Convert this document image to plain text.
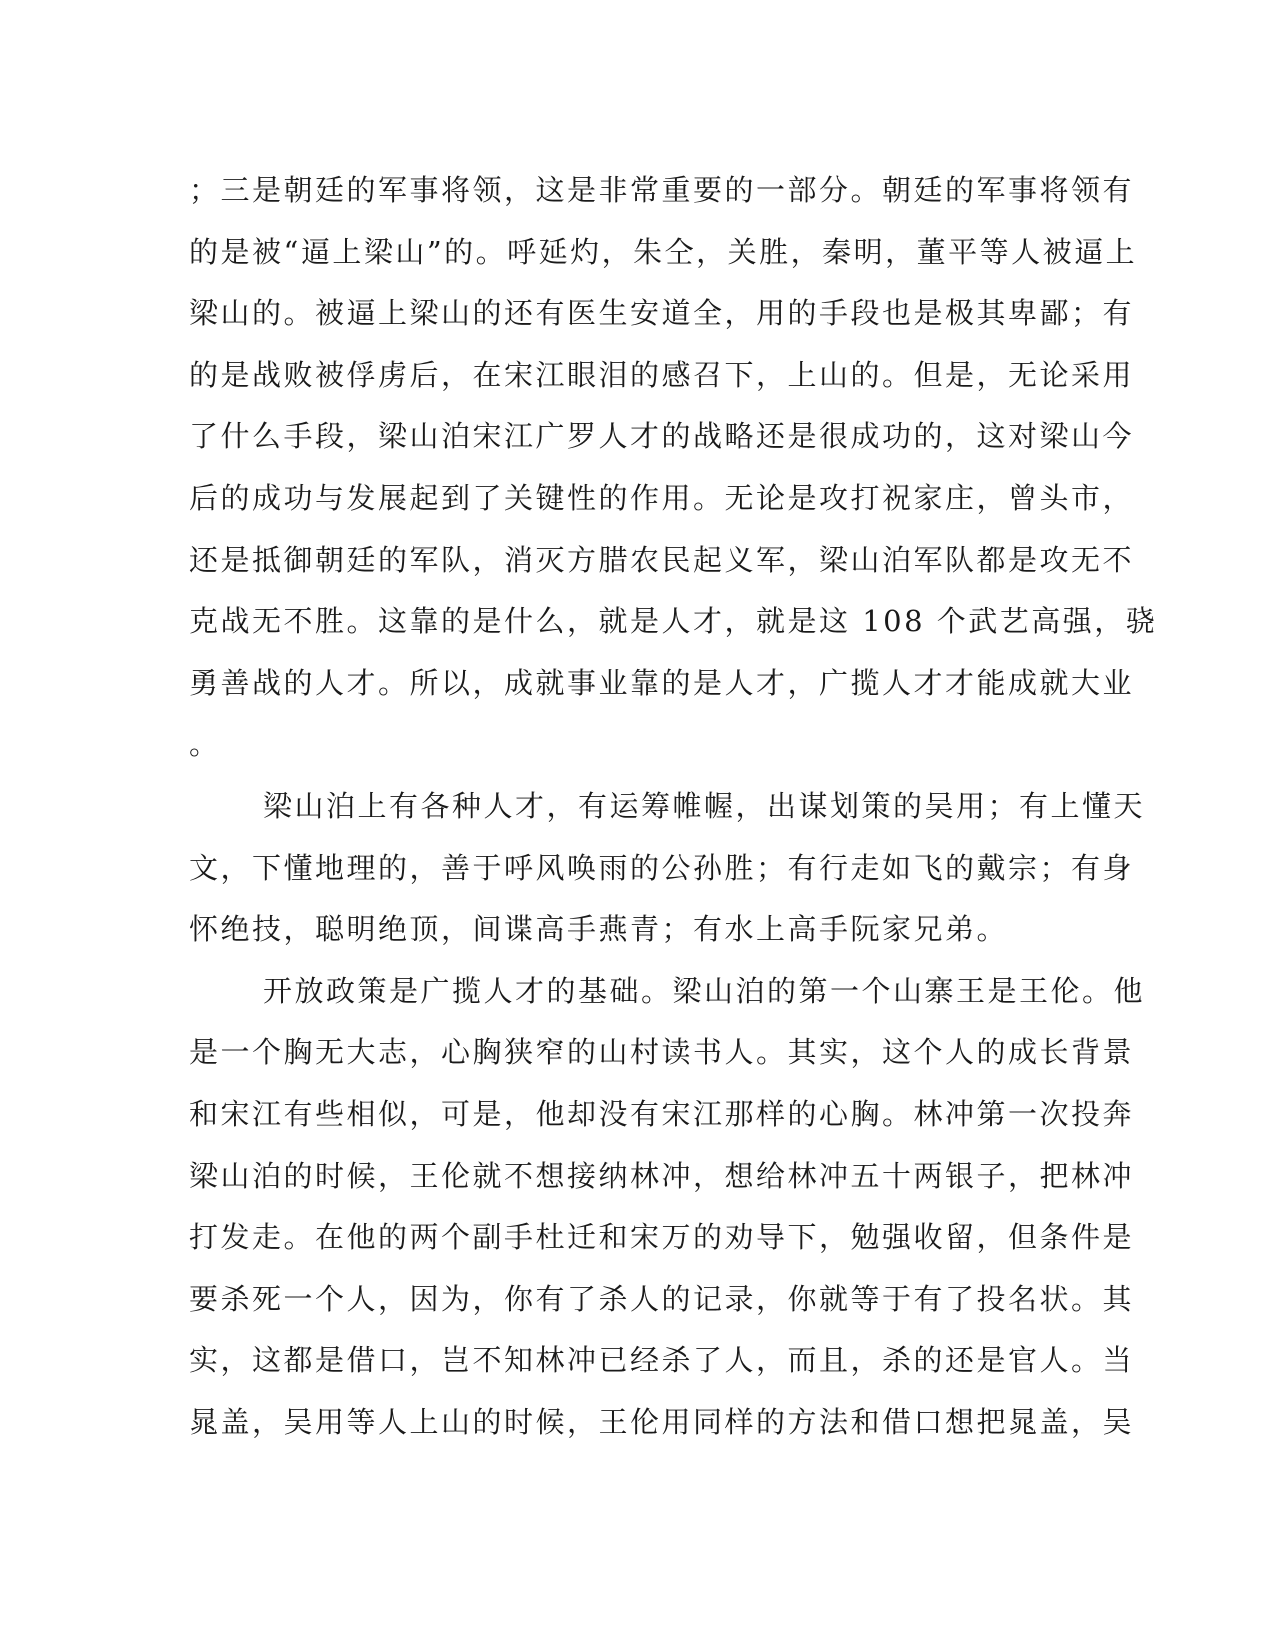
；三是朝廷的军事将领，这是非常重要的一部分。朝廷的军事将领有
的是被“逼上梁山”的。呼延灼，朱仝，关胜，秦明，董平等人被逼上
梁山的。被逼上梁山的还有医生安道全，用的手段也是极其卑鄙；有
的是战败被俘虏后，在宋江眼泪的感召下，上山的。但是，无论采用
了什么手段，梁山泊宋江广罗人才的战略还是很成功的，这对梁山今
后的成功与发展起到了关键性的作用。无论是攻打祝家庄，曾头市，
还是抵御朝廷的军队，消灭方腊农民起义军，梁山泊军队都是攻无不
克战无不胜。这靠的是什么，就是人才，就是这 108 个武艺高强，骁
勇善战的人才。所以，成就事业靠的是人才，广揽人才才能成就大业
。
梁山泊上有各种人才，有运筹帷幄，出谋划策的吴用；有上懂天
文，下懂地理的，善于呼风唤雨的公孙胜；有行走如飞的戴宗；有身
怀绝技，聪明绝顶，间谍高手燕青；有水上高手阮家兄弟。
开放政策是广揽人才的基础。梁山泊的第一个山寨王是王伦。他
是一个胸无大志，心胸狭窄的山村读书人。其实，这个人的成长背景
和宋江有些相似，可是，他却没有宋江那样的心胸。林冲第一次投奔
梁山泊的时候，王伦就不想接纳林冲，想给林冲五十两银子，把林冲
打发走。在他的两个副手杜迁和宋万的劝导下，勉强收留，但条件是
要杀死一个人，因为，你有了杀人的记录，你就等于有了投名状。其
实，这都是借口，岂不知林冲已经杀了人，而且，杀的还是官人。当
晁盖，吴用等人上山的时候，王伦用同样的方法和借口想把晁盖，吴
